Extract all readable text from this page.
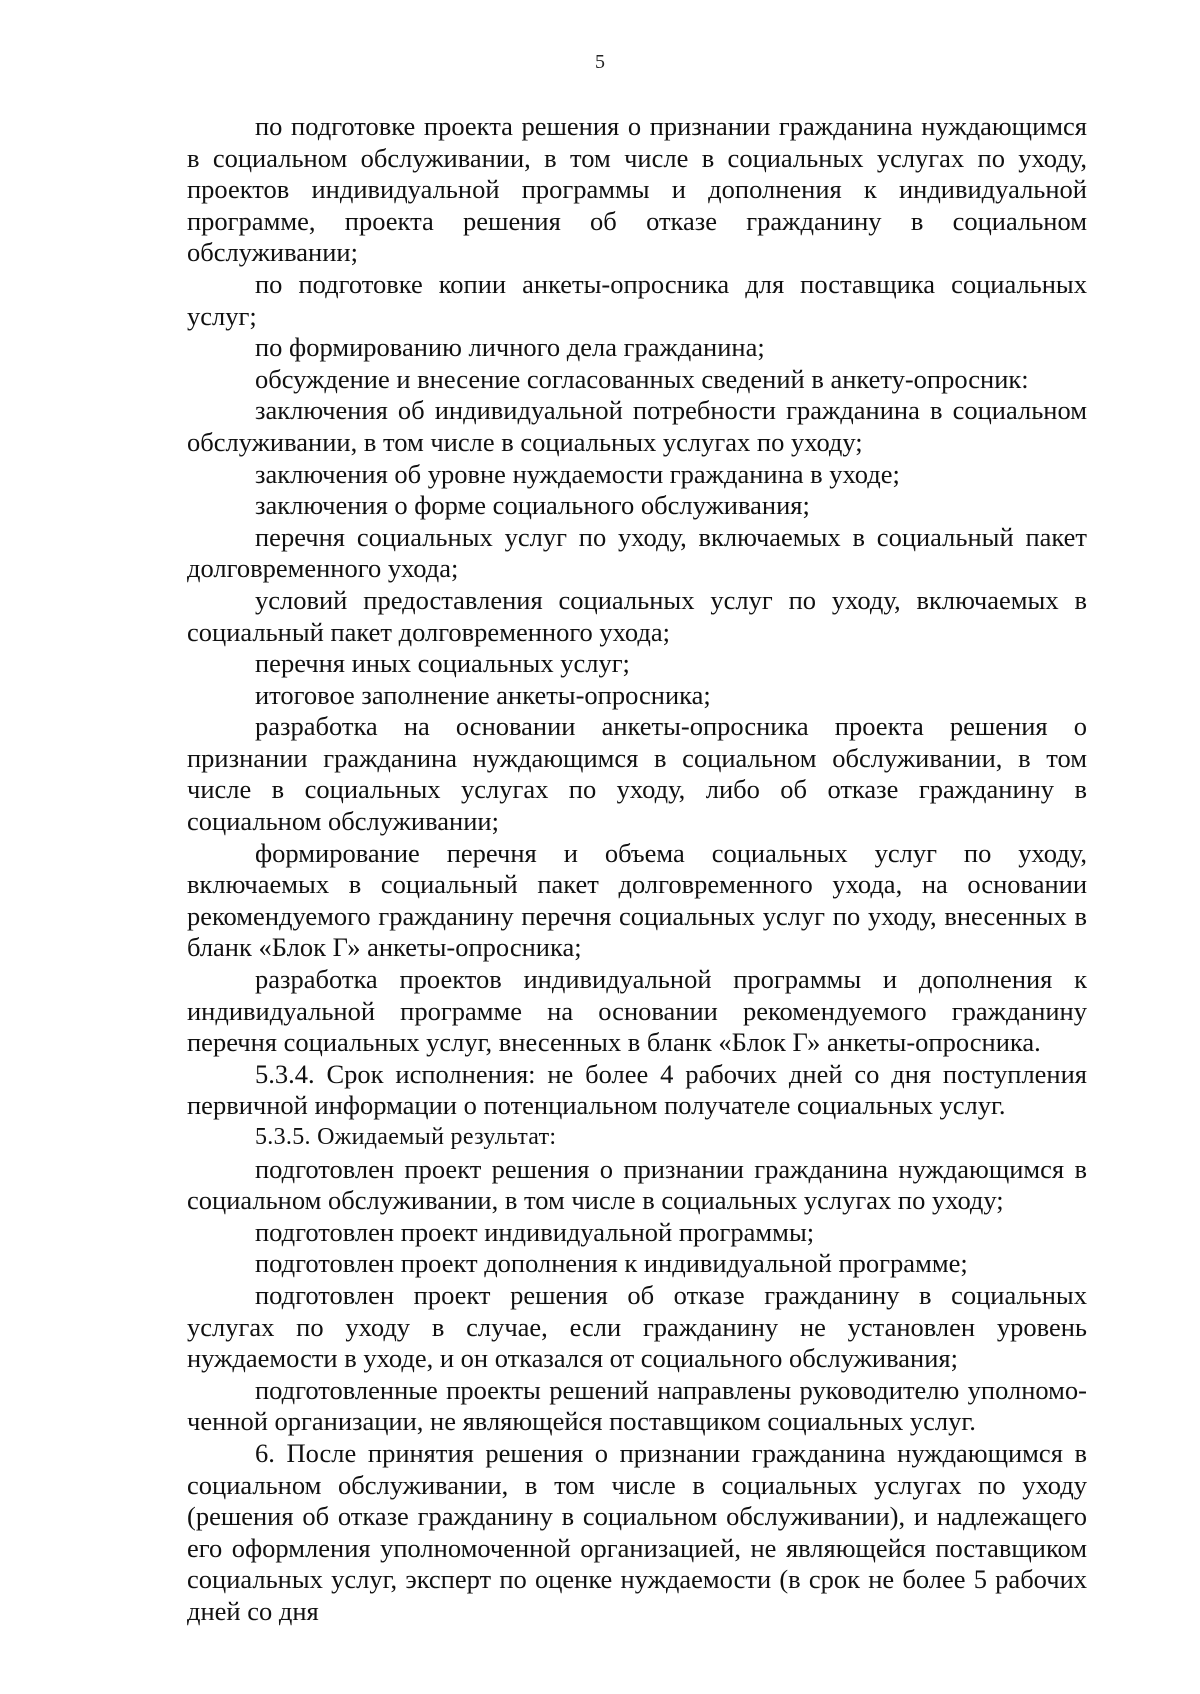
5

по подготовке проекта решения о признании гражданина нуждающимся в социальном обслуживании, в том числе в социальных услугах по уходу, проектов индивидуальной программы и дополнения к индивидуальной программе, проекта решения об отказе гражданину в социальном обслуживании;

по подготовке копии анкеты-опросника для поставщика социальных услуг;

по формированию личного дела гражданина;

обсуждение и внесение согласованных сведений в анкету-опросник:

заключения об индивидуальной потребности гражданина в социальном обслуживании, в том числе в социальных услугах по уходу;

заключения об уровне нуждаемости гражданина в уходе;

заключения о форме социального обслуживания;

перечня социальных услуг по уходу, включаемых в социальный пакет долговременного ухода;

условий предоставления социальных услуг по уходу, включаемых в социальный пакет долговременного ухода;

перечня иных социальных услуг;

итоговое заполнение анкеты-опросника;

разработка на основании анкеты-опросника проекта решения о признании гражданина нуждающимся в социальном обслуживании, в том числе в социальных услугах по уходу, либо об отказе гражданину в социальном обслуживании;

формирование перечня и объема социальных услуг по уходу, включаемых в социальный пакет долговременного ухода, на основании рекомендуемого гражданину перечня социальных услуг по уходу, внесенных в бланк «Блок Г» анкеты-опросника;

разработка проектов индивидуальной программы и дополнения к индивидуальной программе на основании рекомендуемого гражданину перечня социальных услуг, внесенных в бланк «Блок Г» анкеты-опросника.

5.3.4. Срок исполнения: не более 4 рабочих дней со дня поступления первичной информации о потенциальном получателе социальных услуг.

5.3.5. Ожидаемый результат:

подготовлен проект решения о признании гражданина нуждающимся в социальном обслуживании, в том числе в социальных услугах по уходу;

подготовлен проект индивидуальной программы;

подготовлен проект дополнения к индивидуальной программе;

подготовлен проект решения об отказе гражданину в социальных услугах по уходу в случае, если гражданину не установлен уровень нуждаемости в уходе, и он отказался от социального обслуживания;

подготовленные проекты решений направлены руководителю уполномоченной организации, не являющейся поставщиком социальных услуг.

6. После принятия решения о признании гражданина нуждающимся в социальном обслуживании, в том числе в социальных услугах по уходу (решения об отказе гражданину в социальном обслуживании), и надлежащего его оформления уполномоченной организацией, не являющейся поставщиком социальных услуг, эксперт по оценке нуждаемости (в срок не более 5 рабочих дней со дня
